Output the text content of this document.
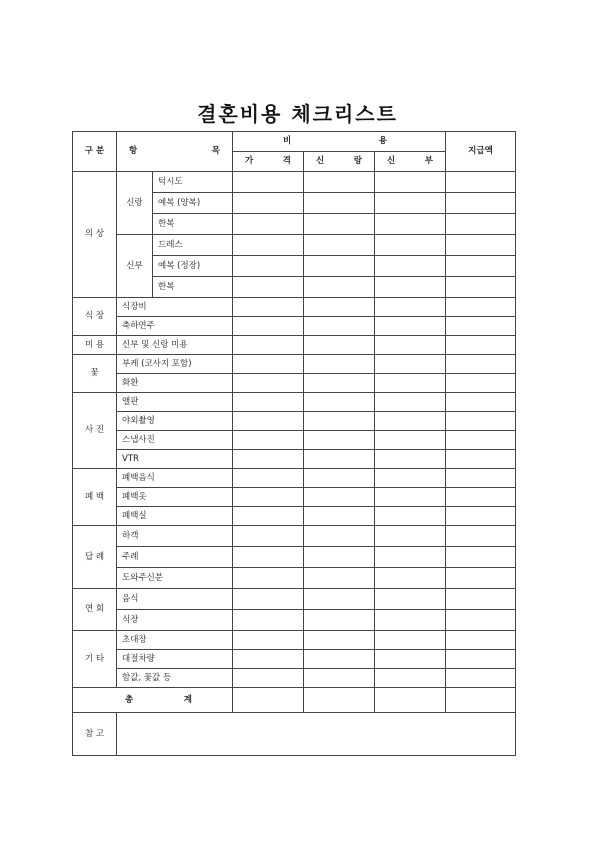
결혼비용 체크리스트
구 분	항 목		비 용			지급액

			가 격	신 랑	신 부	

의 상	신랑	턱시도				
		예복 (양복)				
		한복				
	신부	드레스				
		예복 (정장)				
		한복				
식 장	식장비					
	축하연주					
미 용	신부 및 신랑 미용					
꽃	부케 (코사지 포함)					
	화환					
사 진	앨판					
	야외촬영					
	스냅사진					
	VTR					
폐 백	폐백음식					
	폐백옷					
	폐백실					
답 례	하객					
	주례					
	도와주신분					
연 회	음식					
	식장					
기 타	초대장					
	대절차량					
	함값, 꽃값 등					

총 계						

참 고						
